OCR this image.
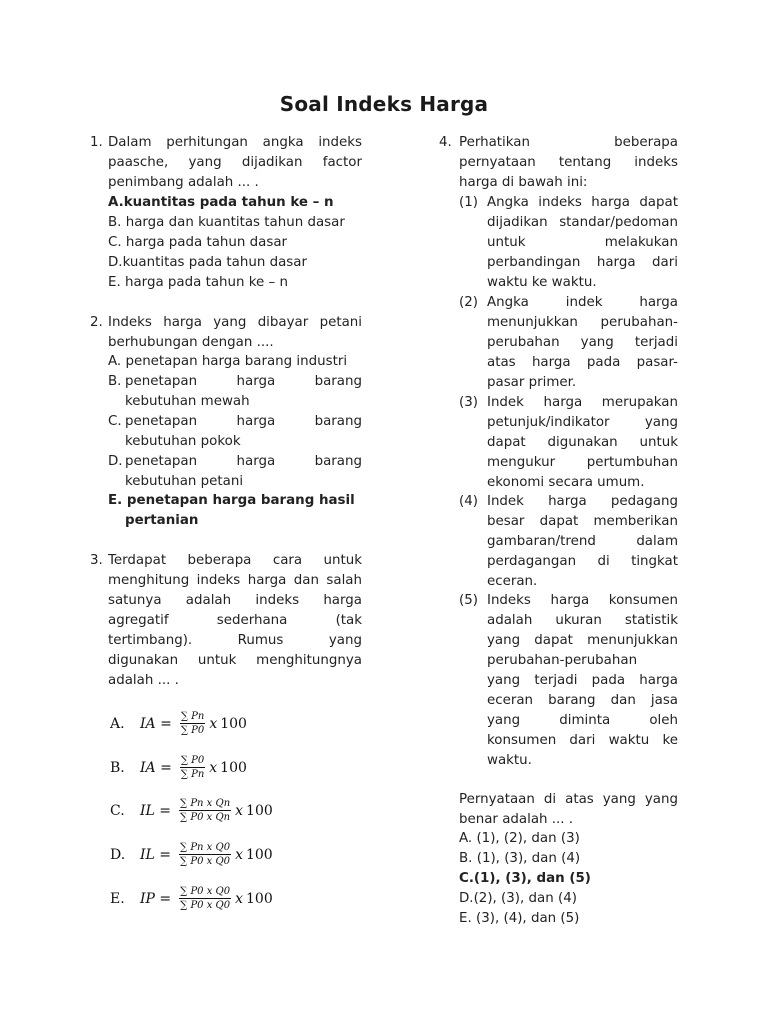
Soal Indeks Harga
1. Dalam perhitungan angka indeks
paasche, yang dijadikan factor
penimbang adalah ... .
A.kuantitas pada tahun ke – n
B. harga dan kuantitas tahun dasar
C. harga pada tahun dasar
D.kuantitas pada tahun dasar
E. harga pada tahun ke – n
2. Indeks harga yang dibayar petani
berhubungan dengan ....
A. penetapan harga barang industri
B. penetapan	harga	barang
kebutuhan mewah
C. penetapan	harga	barang
kebutuhan pokok
D. penetapan	harga	barang
kebutuhan petani
E. penetapan harga barang hasil
pertanian
3. Terdapat beberapa cara untuk
menghitung indeks harga dan salah
satunya adalah indeks harga
agregatif	sederhana	(tak
tertimbang).	Rumus	yang
digunakan untuk menghitungnya
adalah ... .
A.	IA = $\frac{\sum Pn}{\sum P0}$ x 100
B.	IA = $\frac{\sum P0}{\sum Pn}$ x 100
C.	IL = $\frac{\text{∑ Pn x Qn}}{\text{∑ P0 x Qn}}$ x 100
D.	IL = $\frac{\text{∑ Pn x Q0}}{\text{∑ P0 x Q0}}$ x 100
E.	IP = $\frac{\text{∑ P0 x Q0}}{\text{∑ P0 x Q0}}$ x 100
4. Perhatikan	beberapa
pernyataan tentang indeks
harga di bawah ini:
(1) Angka indeks harga dapat
dijadikan standar/pedoman
untuk	melakukan
perbandingan harga dari
waktu ke waktu.
(2) Angka	indek	harga
menunjukkan perubahan-
perubahan yang terjadi
atas harga pada pasar-
pasar primer.
(3) Indek harga merupakan
petunjuk/indikator	yang
dapat digunakan untuk
mengukur pertumbuhan
ekonomi secara umum.
(4) Indek harga pedagang
besar dapat memberikan
gambaran/trend	dalam
perdagangan di tingkat
eceran.
(5) Indeks harga konsumen
adalah ukuran statistik
yang dapat menunjukkan
perubahan-perubahan
yang terjadi pada harga
eceran barang dan jasa
yang	diminta	oleh
konsumen dari waktu ke
waktu.
Pernyataan di atas yang yang
benar adalah ... .
A. (1), (2), dan (3)
B. (1), (3), dan (4)
C.(1), (3), dan (5)
D.(2), (3), dan (4)
E. (3), (4), dan (5)
